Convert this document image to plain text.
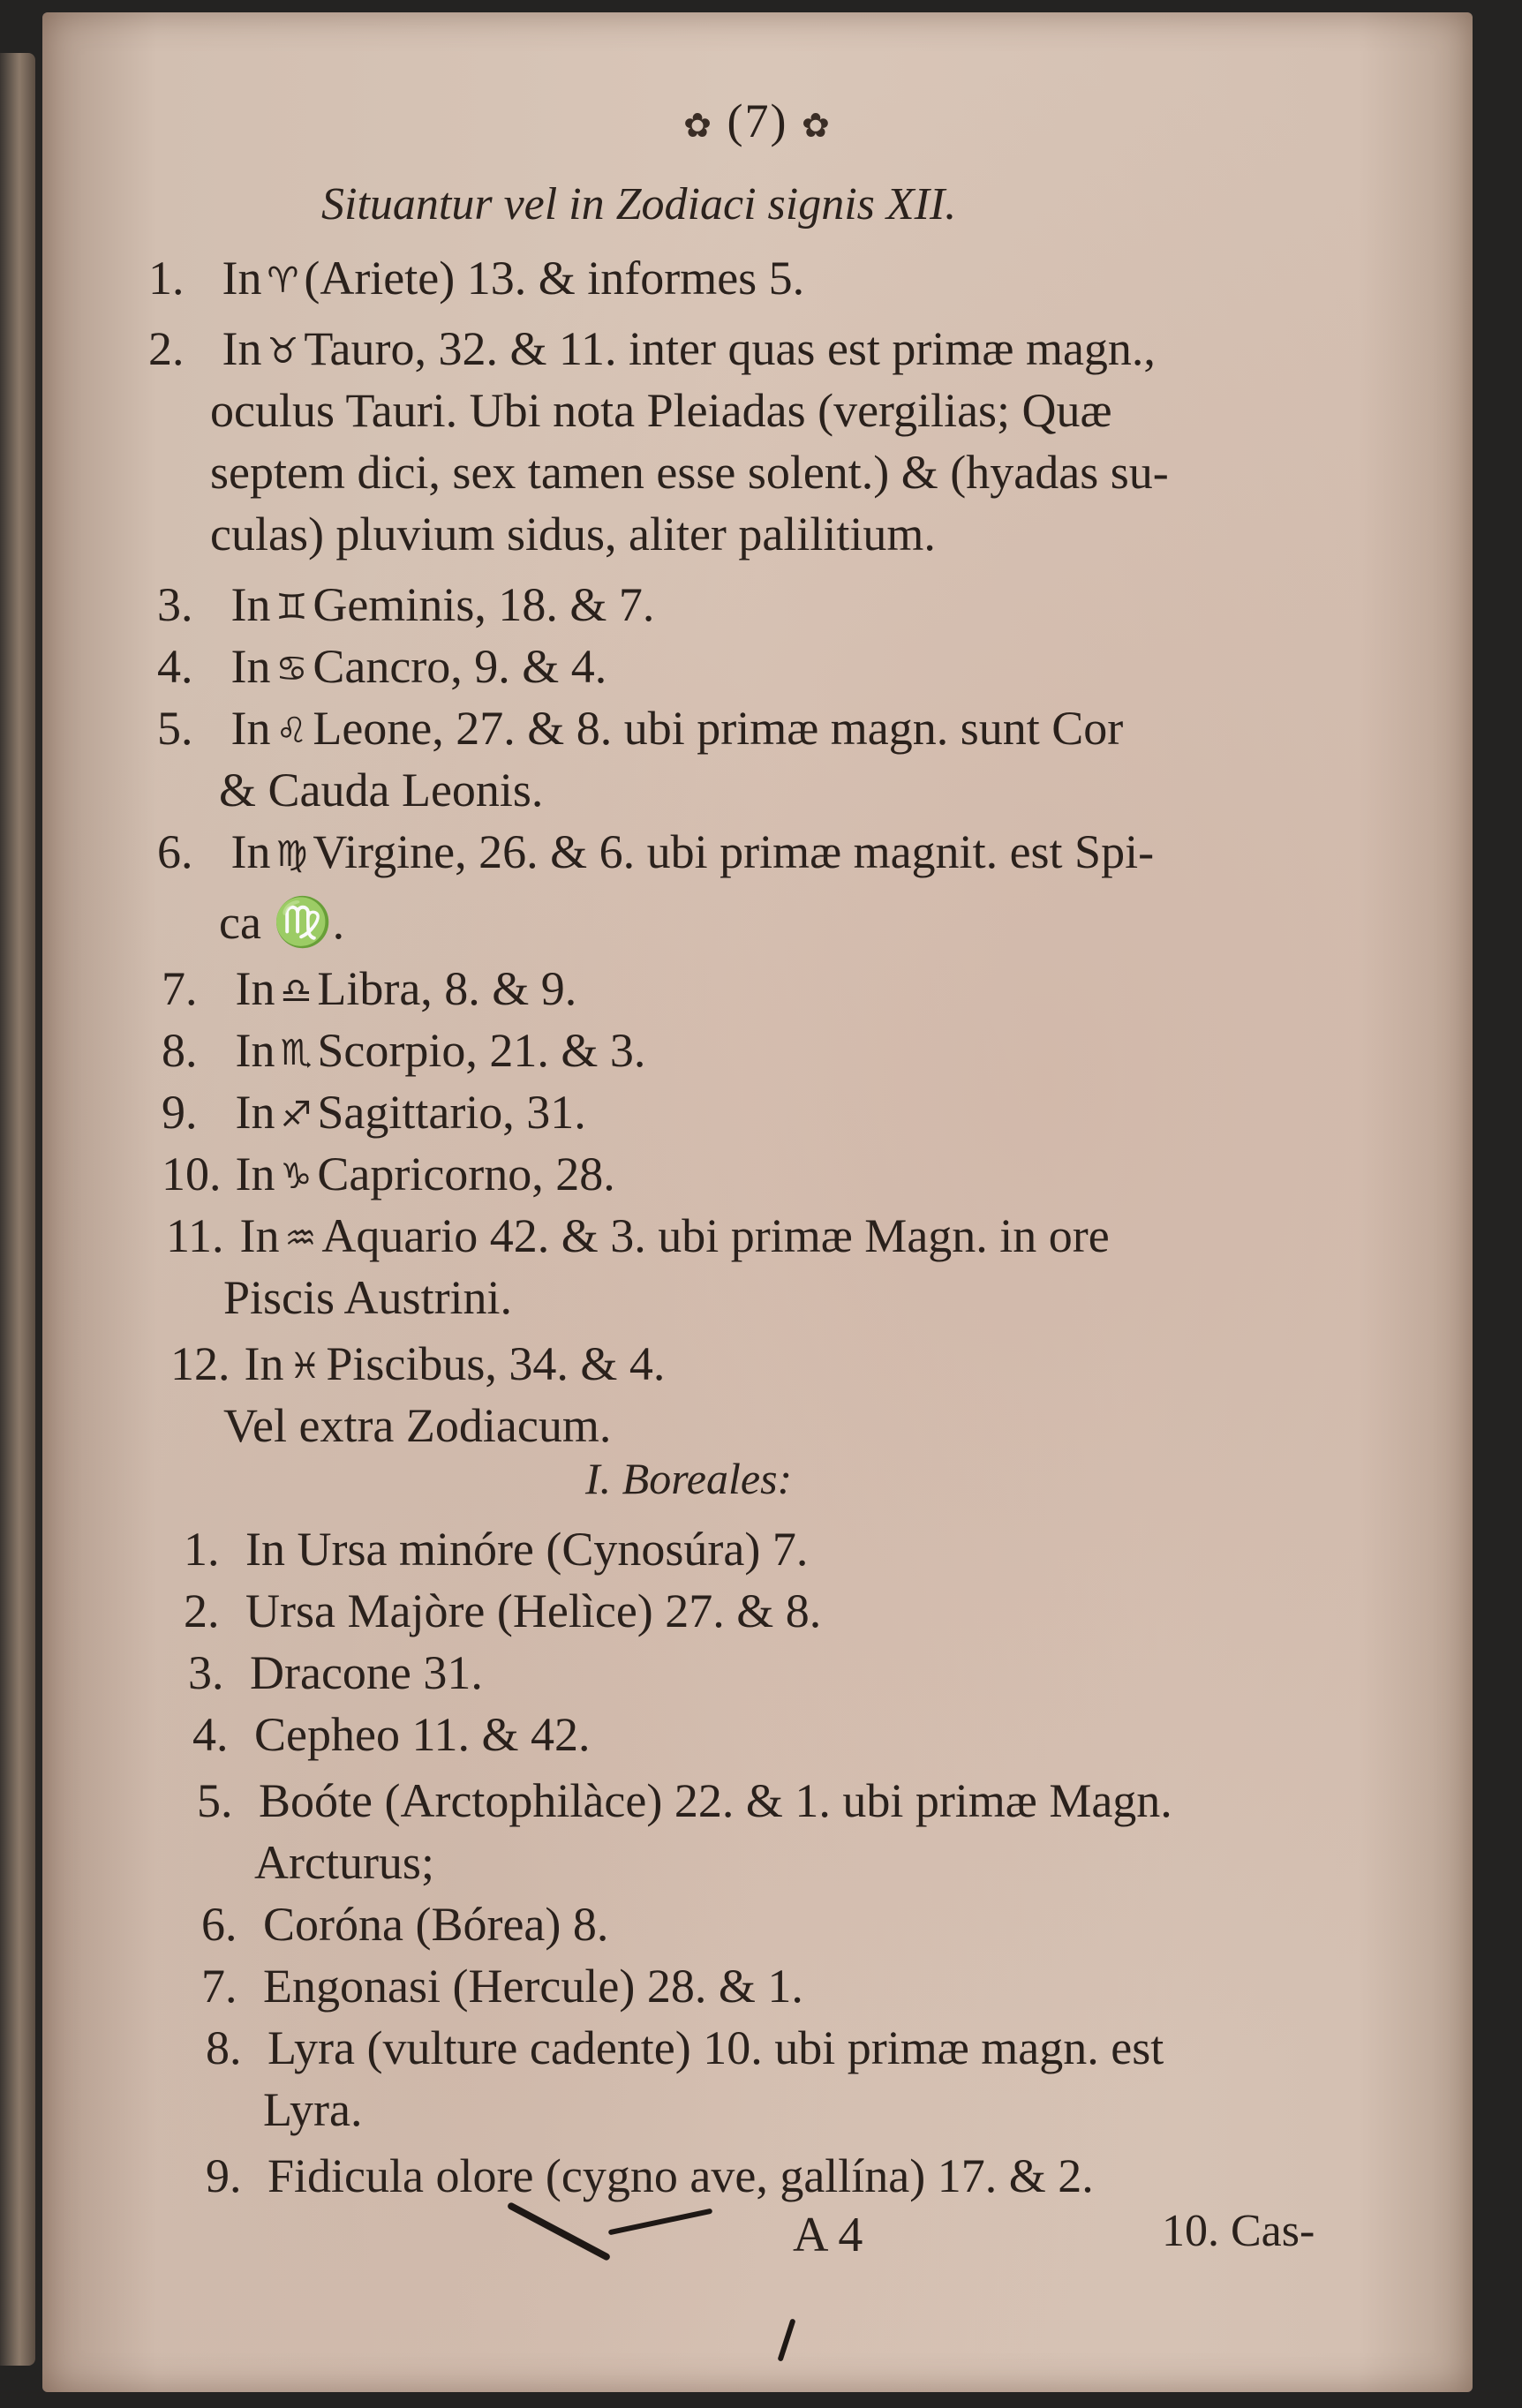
✿ (7) ✿
Situantur vel in Zodiaci signis XII.
1. In ♈ (Ariete) 13. & informes 5.
2. In ♉ Tauro, 32. & 11. inter quas est primæ magn.,
oculus Tauri. Ubi nota Pleiadas (vergilias; Quæ
septem dici, sex tamen esse solent.) & (hyadas su-
culas) pluvium sidus, aliter palilitium.
3. In ♊ Geminis, 18. & 7.
4. In ♋ Cancro, 9. & 4.
5. In ♌ Leone, 27. & 8. ubi primæ magn. sunt Cor
& Cauda Leonis.
6. In ♍ Virgine, 26. & 6. ubi primæ magnit. est Spi-
ca ♍.
7. In ♎ Libra, 8. & 9.
8. In ♏ Scorpio, 21. & 3.
9. In ♐ Sagittario, 31.
10. In ♑ Capricorno, 28.
11. In ♒ Aquario 42. & 3. ubi primæ Magn. in ore
Piscis Austrini.
12. In ♓ Piscibus, 34. & 4.
Vel extra Zodiacum.
I. Boreales:
1. In Ursa minóre (Cynosúra) 7.
2. Ursa Majòre (Helìce) 27. & 8.
3. Dracone 31.
4. Cepheo 11. & 42.
5. Boóte (Arctophilàce) 22. & 1. ubi primæ Magn.
Arcturus;
6. Coróna (Bórea) 8.
7. Engonasi (Hercule) 28. & 1.
8. Lyra (vulture cadente) 10. ubi primæ magn. est
Lyra.
9. Fidicula olore (cygno ave, gallína) 17. & 2.
A 4	10. Cas-
